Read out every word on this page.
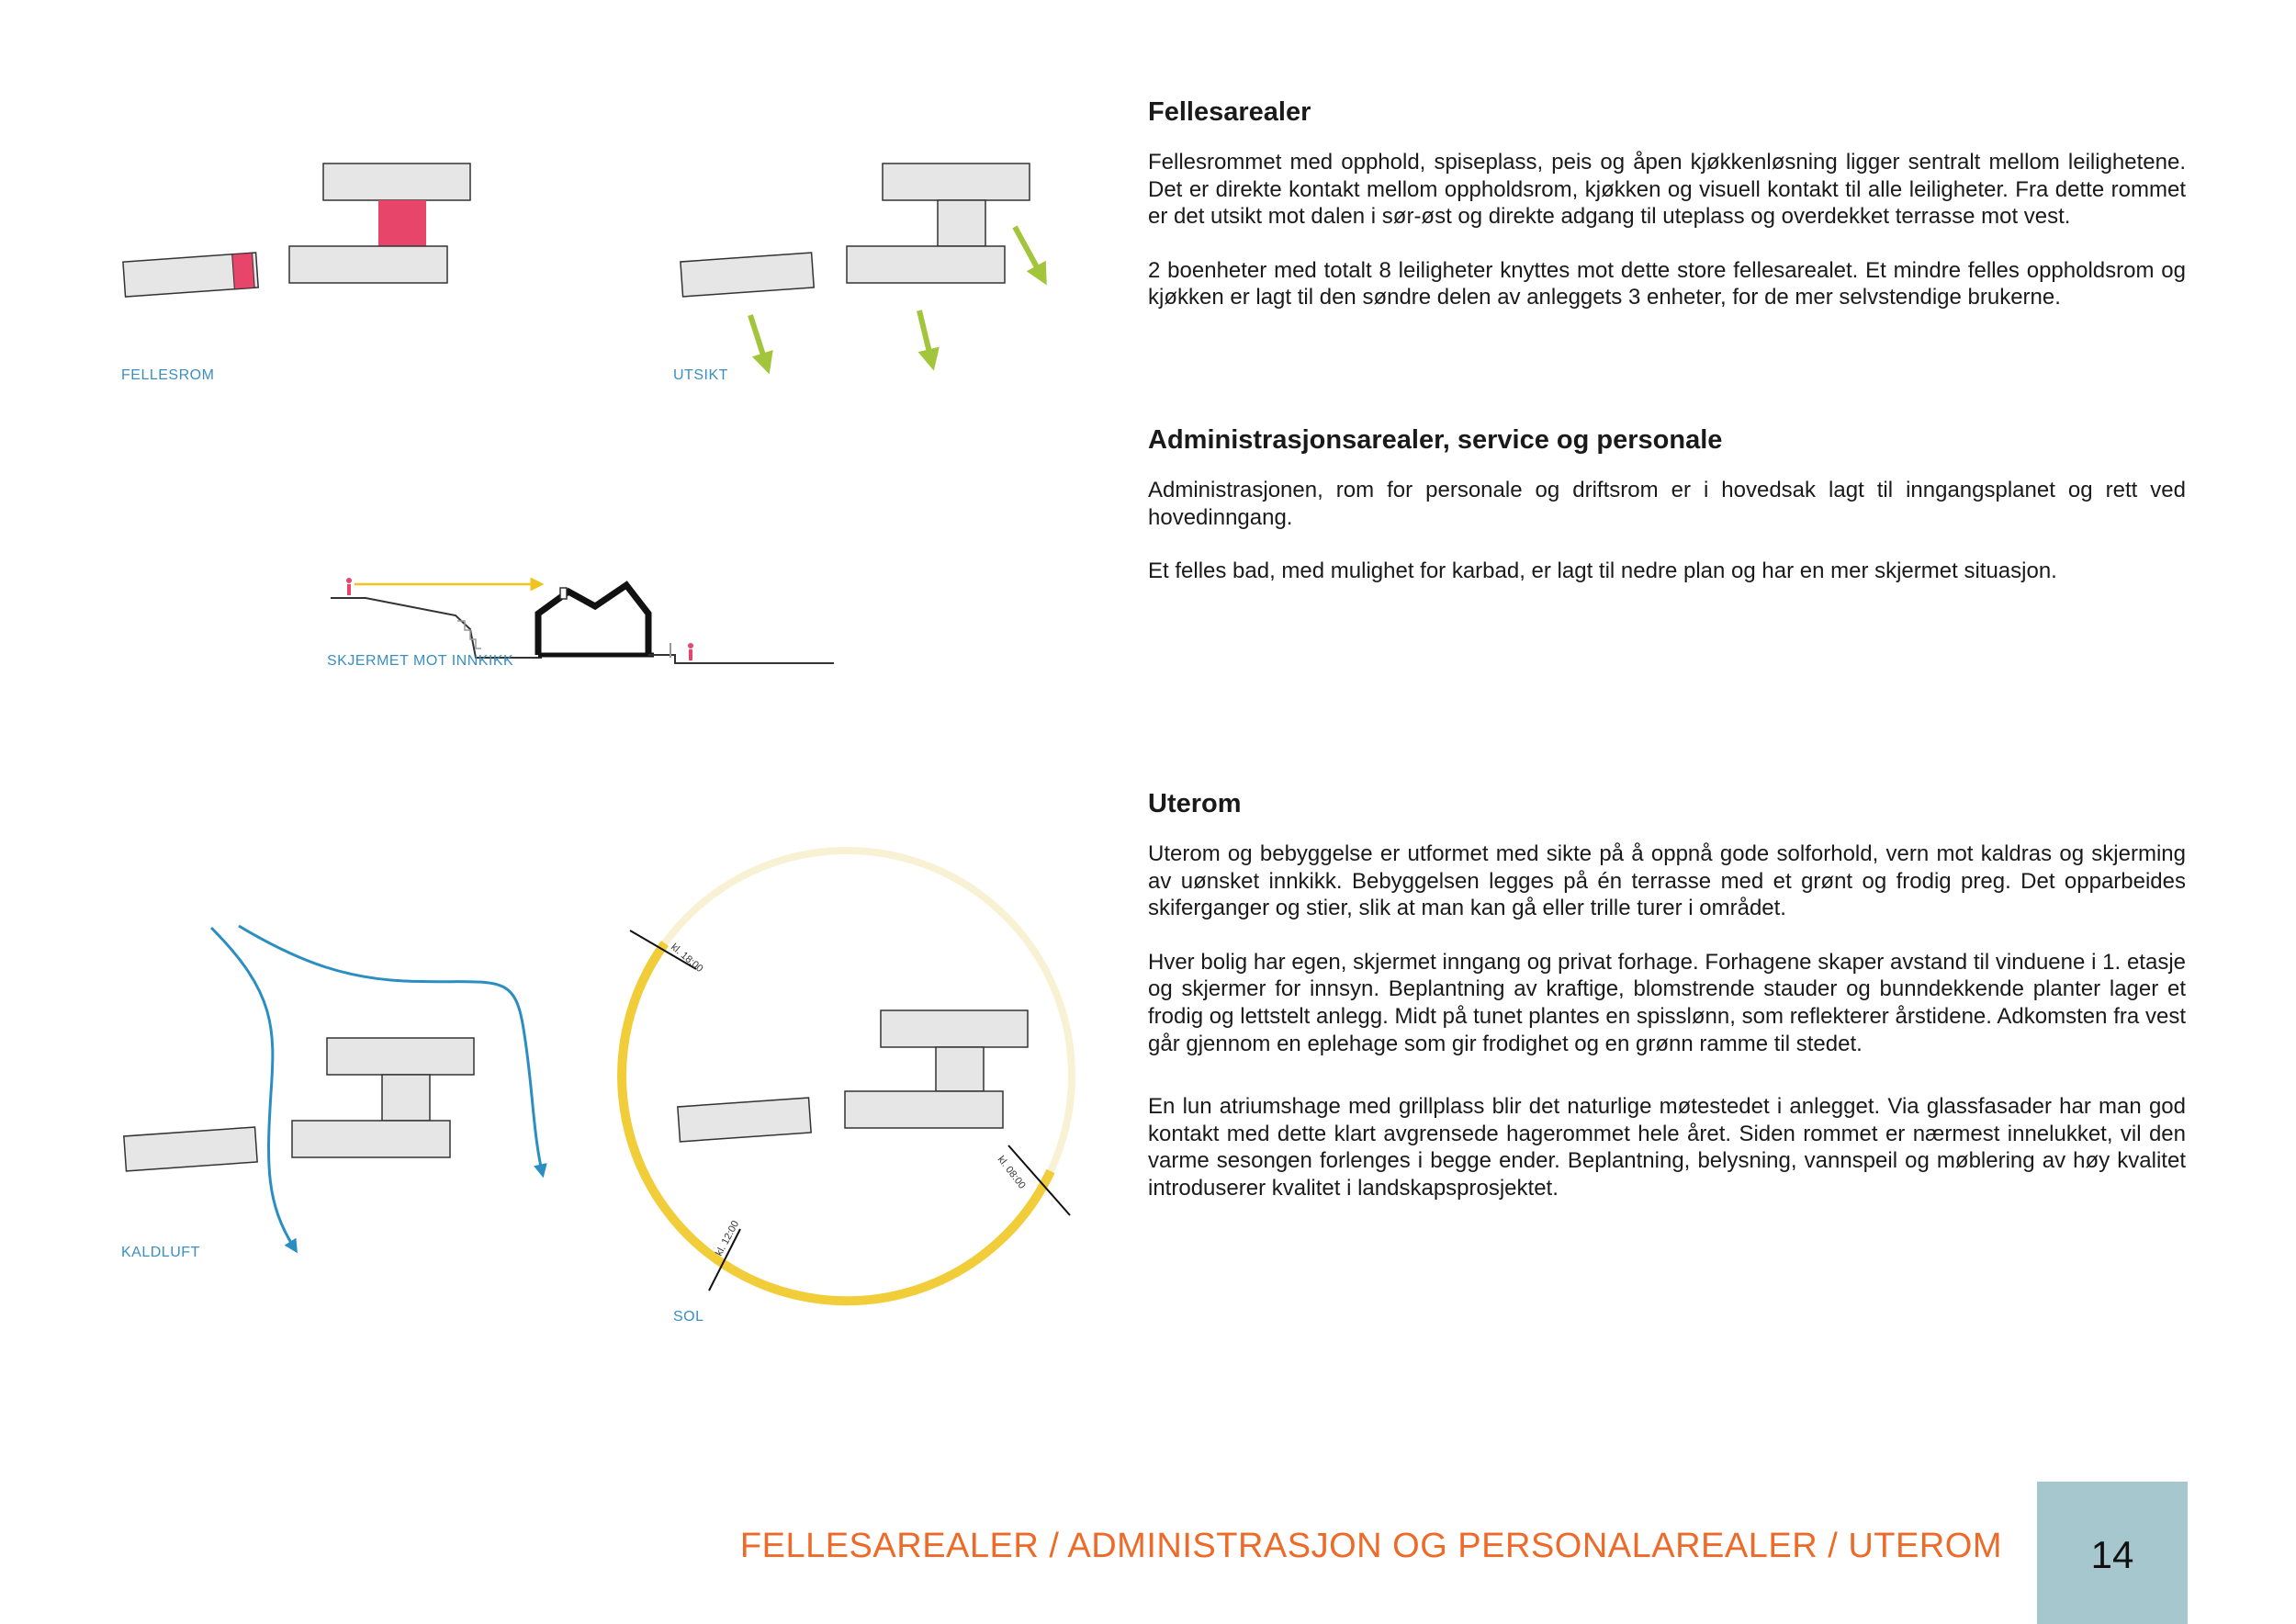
kl. 18:00
kl. 12:00
kl. 08:00
FELLESROM	UTSIKT
SKJERMET MOT INNKIKK
KALDLUFT
SOL
Fellesarealer

Fellesrommet med opphold, spiseplass, peis og åpen kjøkkenløsning ligger sentralt mellom leilighetene. Det er direkte kontakt mellom oppholdsrom, kjøkken og visuell kontakt til alle leiligheter. Fra dette rommet er det utsikt mot dalen i sør-øst og direkte adgang til uteplass og overdekket terrasse mot vest.

2 boenheter med totalt 8 leiligheter knyttes mot dette store fellesarealet. Et mindre felles oppholdsrom og kjøkken er lagt til den søndre delen av anleggets 3 enheter, for de mer selvstendige brukerne.

Administrasjonsarealer, service og personale

Administrasjonen, rom for personale og driftsrom er i hovedsak lagt til inngangsplanet og rett ved hovedinngang.

Et felles bad, med mulighet for karbad, er lagt til nedre plan og har en mer skjermet situasjon.

Uterom

Uterom og bebyggelse er utformet med sikte på å oppnå gode solforhold, vern mot kaldras og skjerming av uønsket innkikk. Bebyggelsen legges på én terrasse med et grønt og frodig preg. Det opparbeides skiferganger og stier, slik at man kan gå eller trille turer i området.

Hver bolig har egen, skjermet inngang og privat forhage. Forhagene skaper avstand til vinduene i 1. etasje og skjermer for innsyn. Beplantning av kraftige, blomstrende stauder og bunndekkende planter lager et frodig og lettstelt anlegg. Midt på tunet plantes en spisslønn, som reflekterer årstidene. Adkomsten fra vest går gjennom en eplehage som gir frodighet og en grønn ramme til stedet.

En lun atriumshage med grillplass blir det naturlige møtestedet i anlegget. Via glassfasader har man god kontakt med dette klart avgrensede hagerommet hele året. Siden rommet er nærmest innelukket, vil den varme sesongen forlenges i begge ender. Beplantning, belysning, vannspeil og møblering av høy kvalitet introduserer kvalitet i landskapsprosjektet.

FELLESAREALER / ADMINISTRASJON OG PERSONALAREALER / UTEROM	14
